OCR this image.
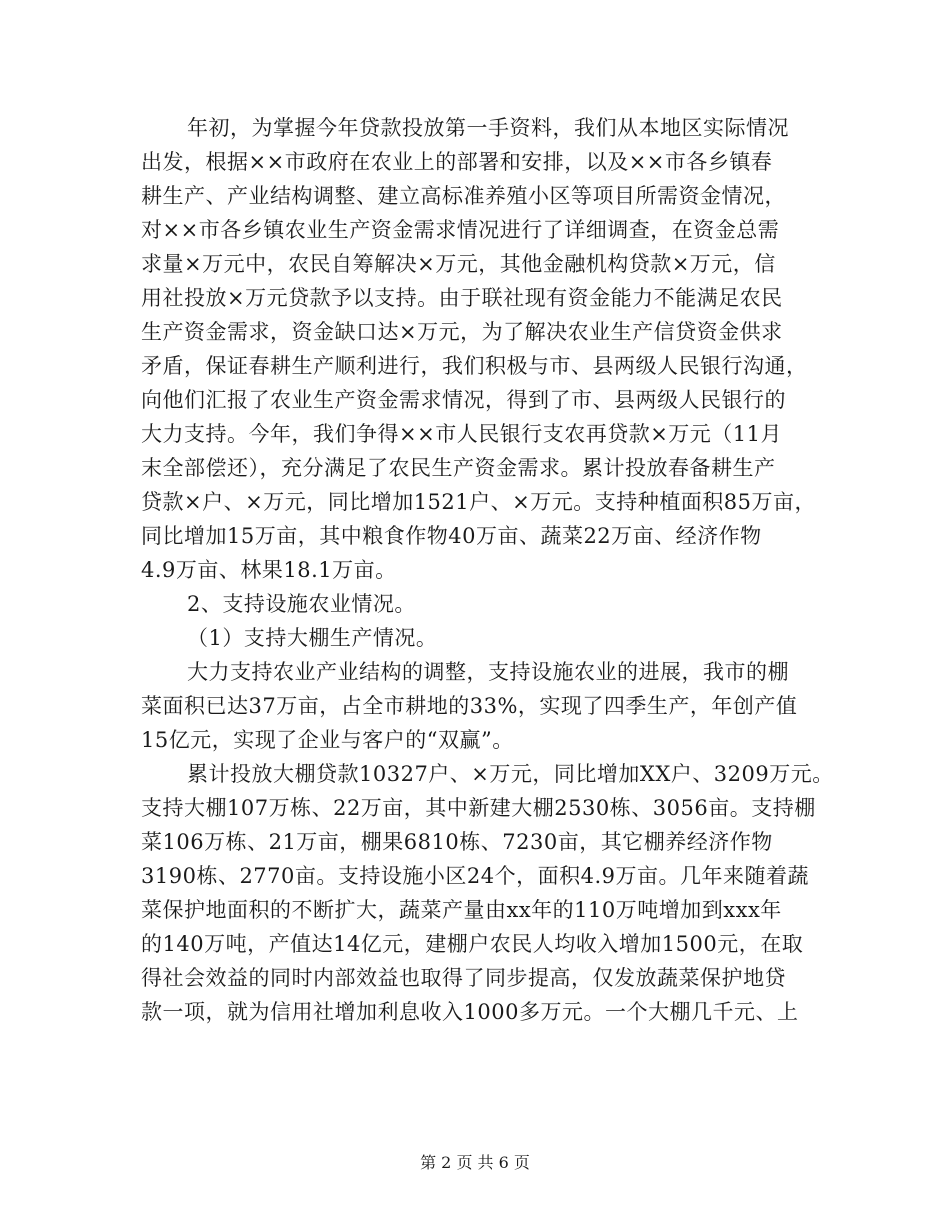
年初，为掌握今年贷款投放第一手资料，我们从本地区实际情况
出发，根据××市政府在农业上的部署和安排，以及××市各乡镇春
耕生产、产业结构调整、建立高标准养殖小区等项目所需资金情况，
对××市各乡镇农业生产资金需求情况进行了详细调查，在资金总需
求量×万元中，农民自筹解决×万元，其他金融机构贷款×万元，信
用社投放×万元贷款予以支持。由于联社现有资金能力不能满足农民
生产资金需求，资金缺口达×万元，为了解决农业生产信贷资金供求
矛盾，保证春耕生产顺利进行，我们积极与市、县两级人民银行沟通，
向他们汇报了农业生产资金需求情况，得到了市、县两级人民银行的
大力支持。今年，我们争得××市人民银行支农再贷款×万元（11月
末全部偿还），充分满足了农民生产资金需求。累计投放春备耕生产
贷款×户、×万元，同比增加1521户、×万元。支持种植面积85万亩，
同比增加15万亩，其中粮食作物40万亩、蔬菜22万亩、经济作物
4.9万亩、林果18.1万亩。
2、支持设施农业情况。
（1）支持大棚生产情况。
大力支持农业产业结构的调整，支持设施农业的进展，我市的棚
菜面积已达37万亩，占全市耕地的33%，实现了四季生产，年创产值
15亿元，实现了企业与客户的“双赢”。
累计投放大棚贷款10327户、×万元，同比增加XX户、3209万元。
支持大棚107万栋、22万亩，其中新建大棚2530栋、3056亩。支持棚
菜106万栋、21万亩，棚果6810栋、7230亩，其它棚养经济作物
3190栋、2770亩。支持设施小区24个，面积4.9万亩。几年来随着蔬
菜保护地面积的不断扩大，蔬菜产量由xx年的110万吨增加到xxx年
的140万吨，产值达14亿元，建棚户农民人均收入增加1500元，在取
得社会效益的同时内部效益也取得了同步提高，仅发放蔬菜保护地贷
款一项，就为信用社增加利息收入1000多万元。一个大棚几千元、上
第 2 页 共 6 页
